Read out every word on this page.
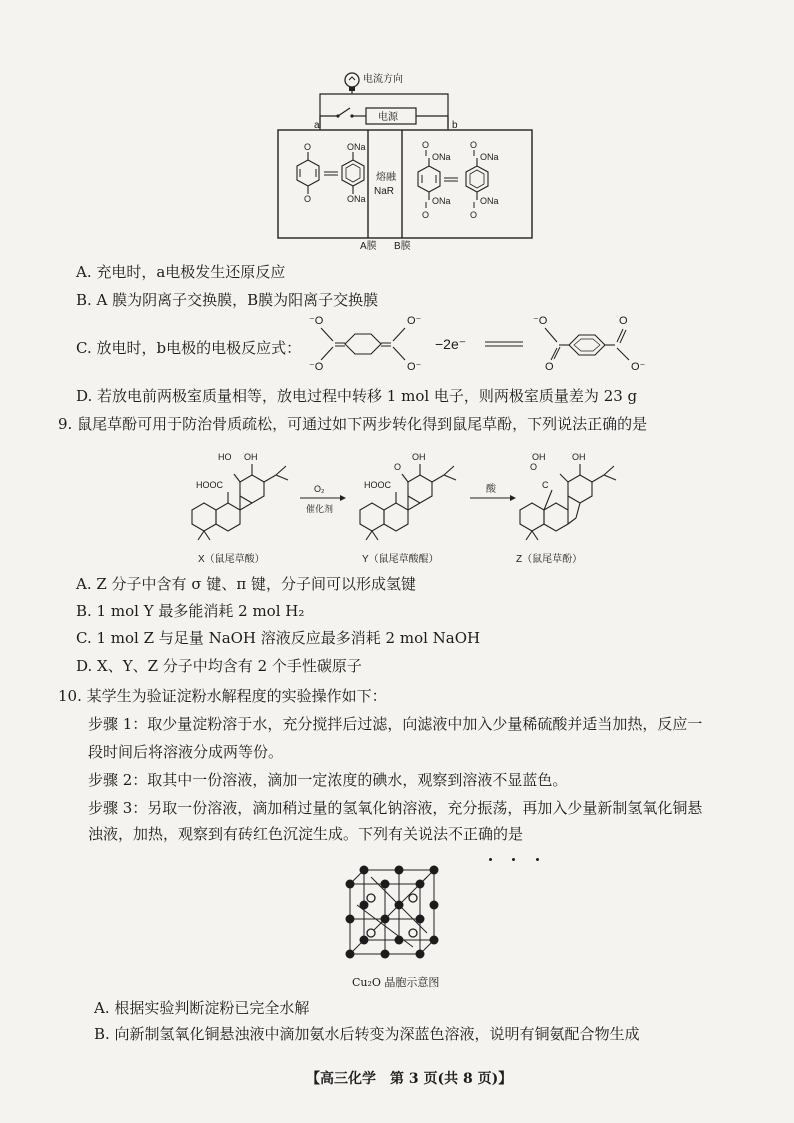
电流方向
电源
a	b
熔融
NaR
A膜 B膜
O
O
ONa
ONa
O
ONa
ONa
O
O
ONa
ONa
O
A. 充电时，a电极发生还原反应
B. A 膜为阴离子交换膜，B膜为阳离子交换膜
C. 放电时，b电极的电极反应式：
⁻O
⁻O
O⁻
O⁻
−2e⁻
⁻O
O
O
O⁻
D. 若放电前两极室质量相等，放电过程中转移 1 mol 电子，则两极室质量差为 23 g
9. 鼠尾草酚可用于防治骨质疏松，可通过如下两步转化得到鼠尾草酚，下列说法正确的是
HO OH
HOOC	O₂
催化剂
O
OH
HOOC	酸
O
C
OH
OH
X（鼠尾草酸）	Y（鼠尾草酸醌）	Z（鼠尾草酚）
A. Z 分子中含有 σ 键、π 键，分子间可以形成氢键
B. 1 mol Y 最多能消耗 2 mol H₂
C. 1 mol Z 与足量 NaOH 溶液反应最多消耗 2 mol NaOH
D. X、Y、Z 分子中均含有 2 个手性碳原子
10. 某学生为验证淀粉水解程度的实验操作如下：
步骤 1：取少量淀粉溶于水，充分搅拌后过滤，向滤液中加入少量稀硫酸并适当加热，反应一
段时间后将溶液分成两等份。
步骤 2：取其中一份溶液，滴加一定浓度的碘水，观察到溶液不显蓝色。
步骤 3：另取一份溶液，滴加稍过量的氢氧化钠溶液，充分振荡，再加入少量新制氢氧化铜悬
浊液，加热，观察到有砖红色沉淀生成。下列有关说法不正确的是

Cu₂O 晶胞示意图
A. 根据实验判断淀粉已完全水解
B. 向新制氢氧化铜悬浊液中滴加氨水后转变为深蓝色溶液，说明有铜氨配合物生成
【高三化学　第 3 页(共 8 页)】
